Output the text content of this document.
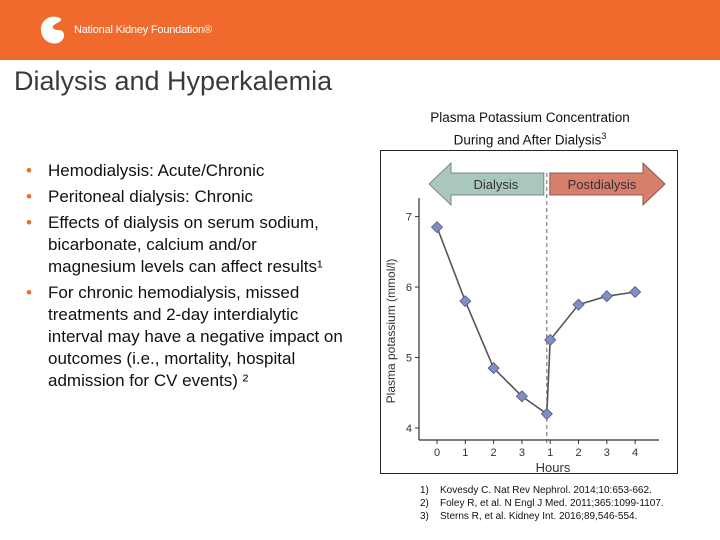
National Kidney Foundation®
Dialysis and Hyperkalemia
• Hemodialysis: Acute/Chronic
• Peritoneal dialysis: Chronic
• Effects of dialysis on serum sodium, bicarbonate, calcium and/or magnesium levels can affect results¹
• For chronic hemodialysis, missed treatments and 2-day interdialytic interval may have a negative impact on outcomes (i.e., mortality, hospital admission for CV events) ²
Plasma Potassium Concentration
During and After Dialysis$^3$
Dialysis	Postdialysis
4
5
6
7
Plasma potassium (mmol/l)
0 1 2 3 1 2 3 4
Hours
1) Kovesdy C. Nat Rev Nephrol. 2014;10:653-662.
2) Foley R, et al. N Engl J Med. 2011;365:1099-1107.
3) Sterns R, et al. Kidney Int. 2016;89,546-554.
